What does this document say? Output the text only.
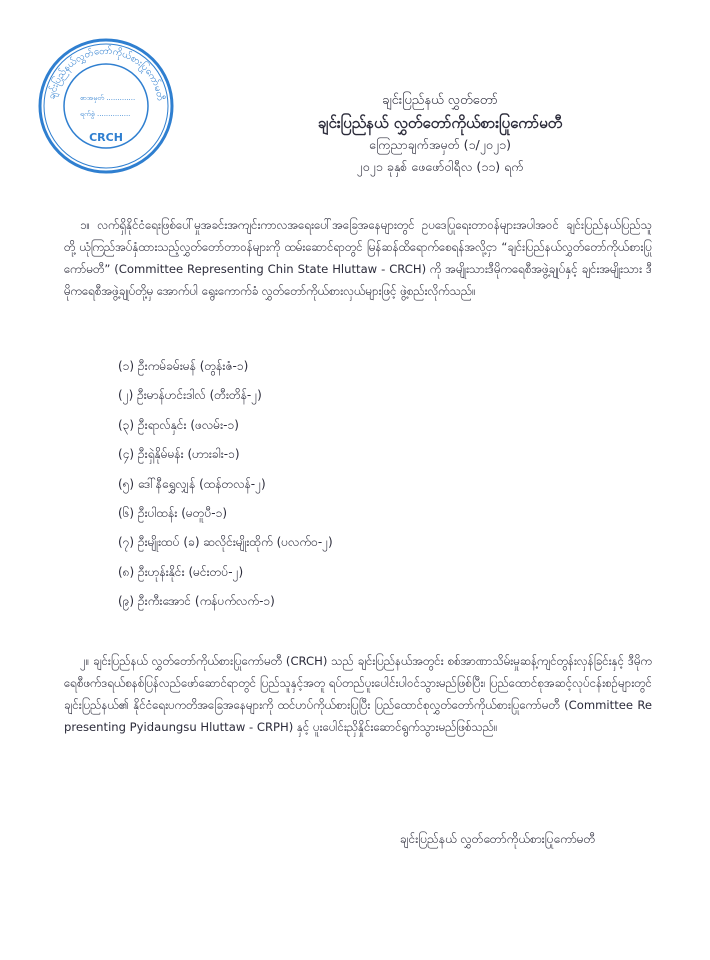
ချင်းပြည်နယ်လွှတ်တော်ကိုယ်စားပြုကော်မတီ
စာအမှတ် .............
ရက်စွဲ ...............
CRCH
ချင်းပြည်နယ် လွှတ်တော်
ချင်းပြည်နယ် လွှတ်တော်ကိုယ်စားပြုကော်မတီ
ကြေညာချက်အမှတ် (၁/၂၀၂၁)
၂၀၂၁ ခုနှစ် ဖေဖော်ဝါရီလ (၁၁) ရက်

၁။ လက်ရှိနိုင်ငံရေးဖြစ်ပေါ်မှုအခင်းအကျင်းကာလအရေးပေါ်အခြေအနေများတွင် ဥပဒေပြုရေးတာဝန်များအပါအဝင် ချင်းပြည်နယ်ပြည်သူတို့ ယုံကြည်အပ်နှံထားသည့်လွှတ်တော်တာဝန်များကို ထမ်းဆောင်ရာတွင် မြန်ဆန်ထိရောက်စေရန်အလို့ငှာ “ချင်းပြည်နယ်လွှတ်တော်ကိုယ်စားပြုကော်မတီ” (Committee Representing Chin State Hluttaw - CRCH) ကို အမျိုးသားဒီမိုကရေစီအဖွဲ့ချုပ်နှင့် ချင်းအမျိုးသား ဒီမိုကရေစီအဖွဲ့ချုပ်တို့မှ အောက်ပါ ရွေးကောက်ခံ လွှတ်တော်ကိုယ်စားလှယ်များဖြင့် ဖွဲ့စည်းလိုက်သည်။

(၁) ဦးကမ်ခမ်းမန် (တွန်းဇံ-၁)
(၂) ဦးမာန်ဟင်းဒါလ် (တီးတိန်-၂)
(၃) ဦးရာလ်နှင်း (ဖလမ်း-၁)
(၄) ဦးရှဲနိုမ်မန်း (ဟားခါး-၁)
(၅) ဒေါ်နီရွှေလျှန် (ထန်တလန်-၂)
(၆) ဦးပါထန်း (မတူပီ-၁)
(၇) ဦးမျိုးထပ် (ခ) ဆလိုင်းမျိုးထိုက် (ပလက်ဝ-၂)
(၈) ဦးဟုန်းနိုင်း (မင်းတပ်-၂)
(၉) ဦးကီးအောင် (ကန်ပက်လက်-၁)

၂။ ချင်းပြည်နယ် လွှတ်တော်ကိုယ်စားပြုကော်မတီ (CRCH) သည် ချင်းပြည်နယ်အတွင်း စစ်အာဏာသိမ်းမှုဆန့်ကျင်တွန်းလှန်ခြင်းနှင့် ဒီမိုကရေစီဖက်ဒရယ်စနစ်ပြန်လည်ဖော်ဆောင်ရာတွင် ပြည်သူနှင့်အတူ ရပ်တည်ပူးပေါင်းပါဝင်သွားမည်ဖြစ်ပြီး၊ ပြည်ထောင်စုအဆင့်လုပ်ငန်းစဉ်များတွင် ချင်းပြည်နယ်၏ နိုင်ငံရေးပကတိအခြေအနေများကို ထင်ဟပ်ကိုယ်စားပြုပြီး ပြည်ထောင်စုလွှတ်တော်ကိုယ်စားပြုကော်မတီ (Committee Representing Pyidaungsu Hluttaw - CRPH) နှင့် ပူးပေါင်းညှိနှိုင်းဆောင်ရွက်သွားမည်ဖြစ်သည်။

ချင်းပြည်နယ် လွှတ်တော်ကိုယ်စားပြုကော်မတီ
